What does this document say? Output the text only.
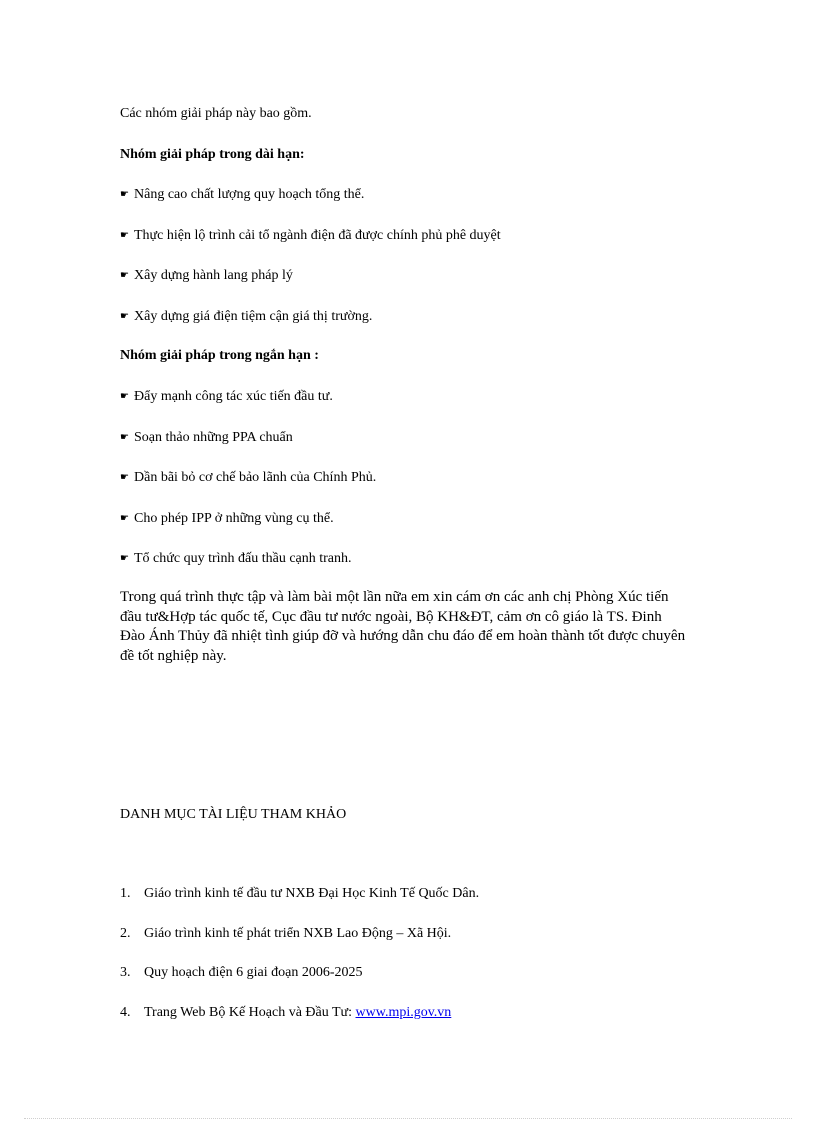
Các nhóm giải pháp này bao gồm.
Nhóm giải pháp trong dài hạn:
☛ Nâng cao chất lượng quy hoạch tổng thể.
☛ Thực hiện lộ trình cải tổ ngành điện đã được chính phủ phê duyệt
☛ Xây dựng hành lang pháp lý
☛ Xây dựng giá điện tiệm cận giá thị trường.
Nhóm giải pháp trong ngắn hạn :
☛ Đẩy mạnh công tác xúc tiến đầu tư.
☛ Soạn thảo những PPA chuẩn
☛ Dần bãi bỏ cơ chế bảo lãnh của Chính Phủ.
☛ Cho phép IPP ở những vùng cụ thể.
☛ Tổ chức quy trình đấu thầu cạnh tranh.
Trong quá trình thực tập và làm bài một lần nữa em xin cám ơn các anh chị Phòng Xúc tiến đầu tư&Hợp tác quốc tế, Cục đầu tư nước ngoài, Bộ KH&ĐT, cảm ơn cô giáo là TS. Đinh Đào Ánh Thủy đã nhiệt tình giúp đỡ và hướng dẫn chu đáo để em hoàn thành tốt được chuyên đề tốt nghiệp này.
DANH MỤC TÀI LIỆU THAM KHẢO
1. Giáo trình kinh tế đầu tư NXB Đại Học Kinh Tế Quốc Dân.
2. Giáo trình kinh tế phát triển NXB Lao Động – Xã Hội.
3. Quy hoạch điện 6 giai đoạn 2006-2025
4. Trang Web Bộ Kế Hoạch và Đầu Tư: www.mpi.gov.vn
